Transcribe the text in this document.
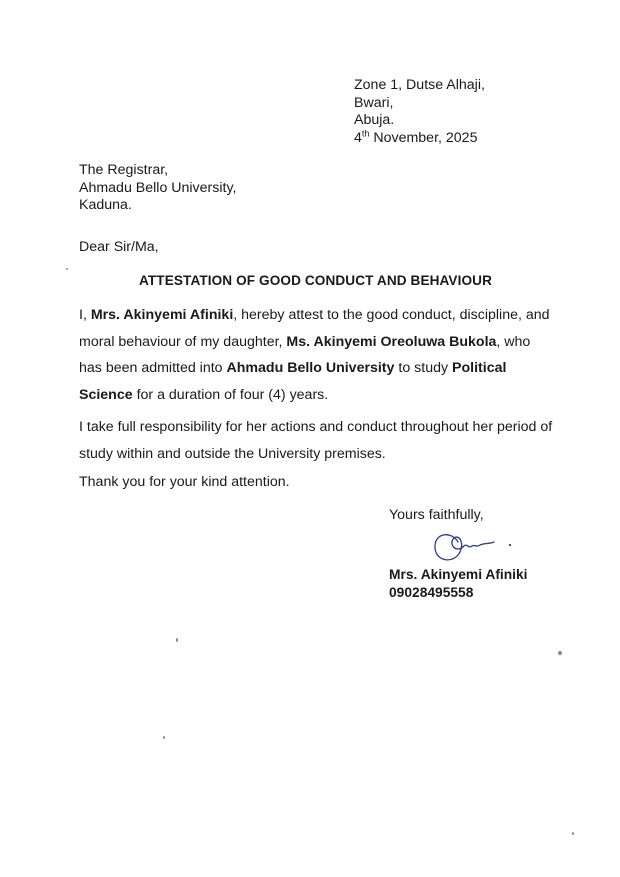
Zone 1, Dutse Alhaji,
Bwari,
Abuja.
4th November, 2025
The Registrar,
Ahmadu Bello University,
Kaduna.
Dear Sir/Ma,
ATTESTATION OF GOOD CONDUCT AND BEHAVIOUR

I, Mrs. Akinyemi Afiniki, hereby attest to the good conduct, discipline, and moral behaviour of my daughter, Ms. Akinyemi Oreoluwa Bukola, who has been admitted into Ahmadu Bello University to study Political Science for a duration of four (4) years.

I take full responsibility for her actions and conduct throughout her period of study within and outside the University premises.

Thank you for your kind attention.

Yours faithfully,
Mrs. Akinyemi Afiniki
09028495558
